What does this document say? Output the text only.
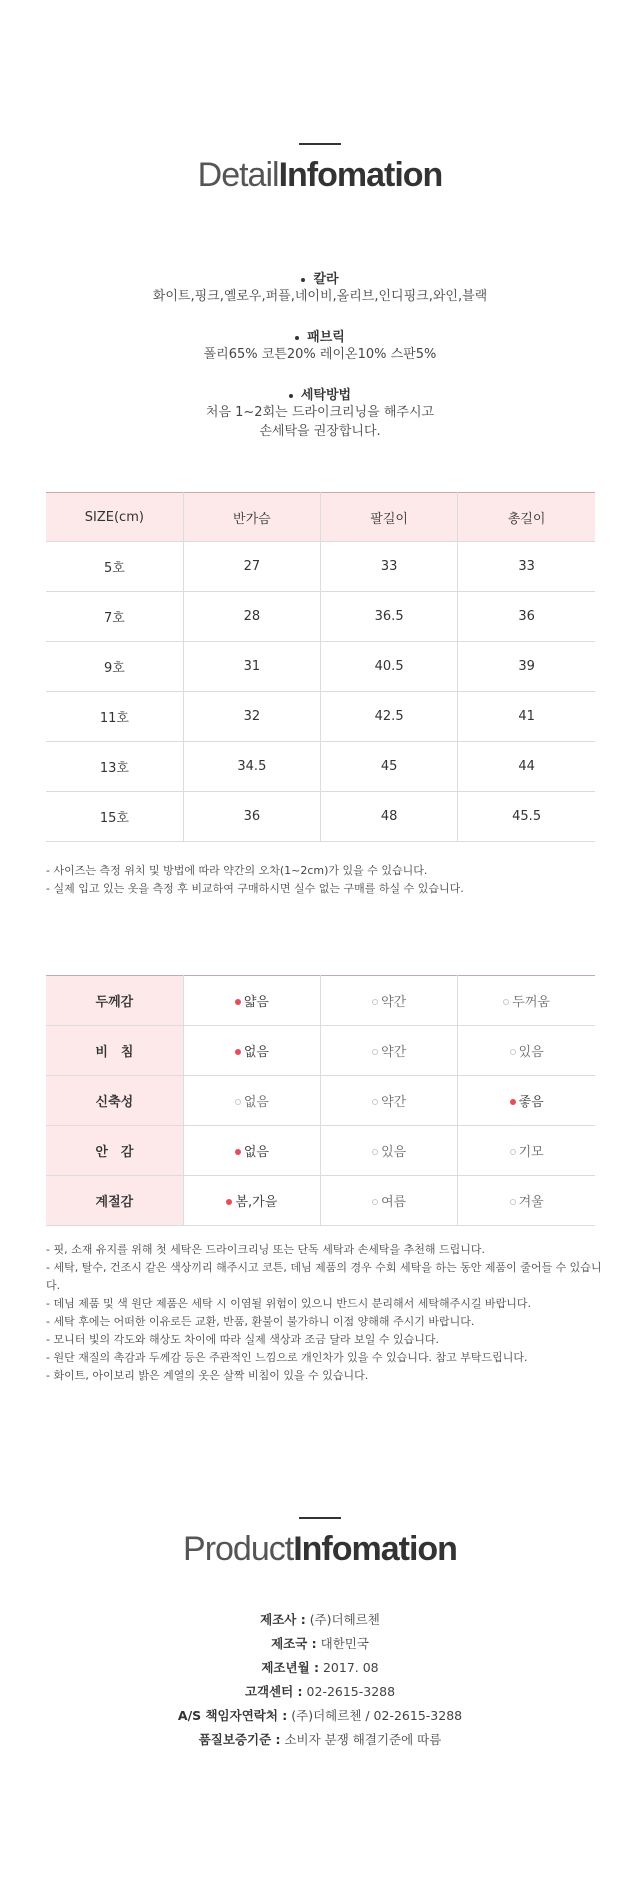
DetailInfomation
칼라
화이트,핑크,옐로우,퍼플,네이비,올리브,인디핑크,와인,블랙
패브릭
폴리65% 코튼20% 레이온10% 스판5%
세탁방법
처음 1~2회는 드라이크리닝을 해주시고
손세탁을 권장합니다.
SIZE(cm)	반가슴	팔길이	총길이
5호	27	33	33
7호	28	36.5	36
9호	31	40.5	39
11호	32	42.5	41
13호	34.5	45	44
15호	36	48	45.5
- 사이즈는 측정 위치 및 방법에 따라 약간의 오차(1~2cm)가 있을 수 있습니다.
- 실제 입고 있는 옷을 측정 후 비교하여 구매하시면 실수 없는 구매를 하실 수 있습니다.
두께감	얇음	약간	두꺼움
비　침	없음	약간	있음
신축성	없음	약간	좋음
안　감	없음	있음	기모
계절감	봄,가을	여름	겨울
- 핏, 소재 유지를 위해 첫 세탁은 드라이크리닝 또는 단독 세탁과 손세탁을 추천해 드립니다.
- 세탁, 탈수, 건조시 같은 색상끼리 해주시고 코튼, 데님 제품의 경우 수회 세탁을 하는 동안 제품이 줄어들 수 있습니다.
- 데님 제품 및 색 원단 제품은 세탁 시 이염될 위험이 있으니 반드시 분리해서 세탁해주시길 바랍니다.
- 세탁 후에는 어떠한 이유로든 교환, 반품, 환불이 불가하니 이점 양해해 주시기 바랍니다.
- 모니터 빛의 각도와 해상도 차이에 따라 실제 색상과 조금 달라 보일 수 있습니다.
- 원단 재질의 촉감과 두께감 등은 주관적인 느낌으로 개인차가 있을 수 있습니다. 참고 부탁드립니다.
- 화이트, 아이보리 밝은 계열의 옷은 살짝 비침이 있을 수 있습니다.
ProductInfomation
제조사 : (주)더헤르첸
제조국 : 대한민국
제조년월 : 2017. 08
고객센터 : 02-2615-3288
A/S 책임자연락처 : (주)더헤르첸 / 02-2615-3288
품질보증기준 : 소비자 분쟁 해결기준에 따름
